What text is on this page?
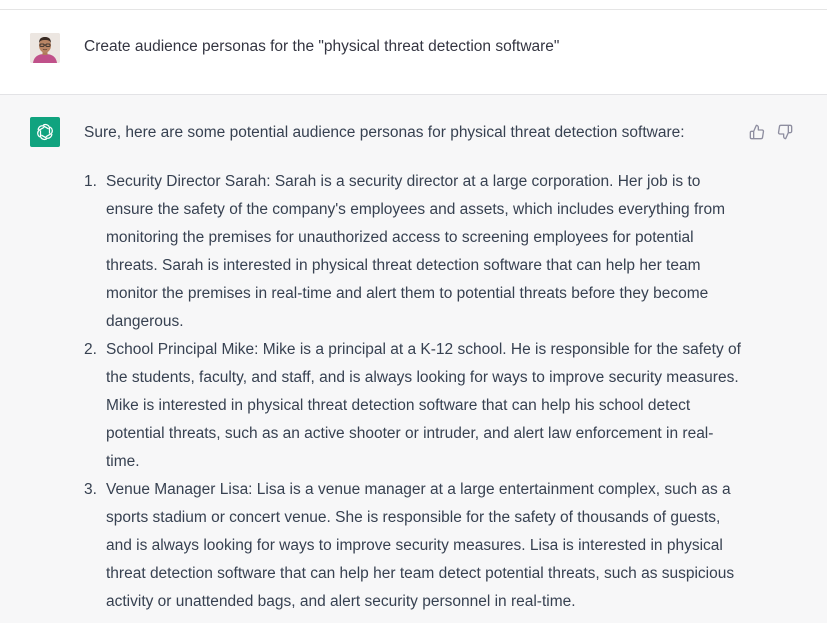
Create audience personas for the "physical threat detection software"
Sure, here are some potential audience personas for physical threat detection software:
1. Security Director Sarah: Sarah is a security director at a large corporation. Her job is to ensure the safety of the company's employees and assets, which includes everything from monitoring the premises for unauthorized access to screening employees for potential threats. Sarah is interested in physical threat detection software that can help her team monitor the premises in real-time and alert them to potential threats before they become dangerous.
2. School Principal Mike: Mike is a principal at a K-12 school. He is responsible for the safety of the students, faculty, and staff, and is always looking for ways to improve security measures. Mike is interested in physical threat detection software that can help his school detect potential threats, such as an active shooter or intruder, and alert law enforcement in real-time.
3. Venue Manager Lisa: Lisa is a venue manager at a large entertainment complex, such as a sports stadium or concert venue. She is responsible for the safety of thousands of guests, and is always looking for ways to improve security measures. Lisa is interested in physical threat detection software that can help her team detect potential threats, such as suspicious activity or unattended bags, and alert security personnel in real-time.
